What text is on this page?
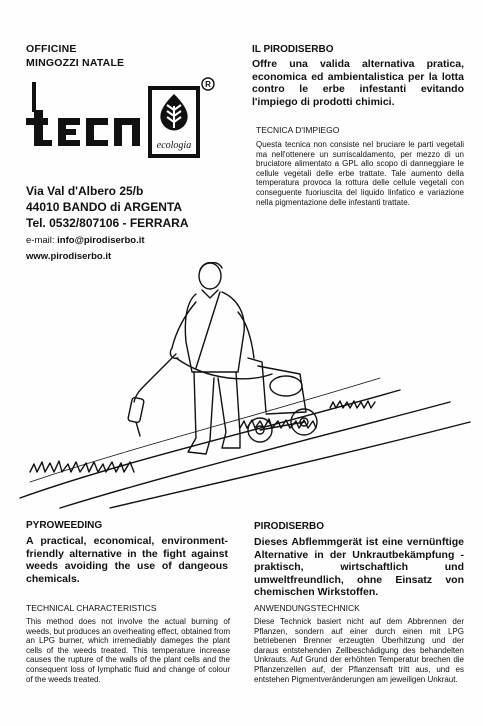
OFFICINE
MINGOZZI NATALE
ecologia
R
Via Val d'Albero 25/b
44010 BANDO di ARGENTA
Tel. 0532/807106 - FERRARA
e-mail: info@pirodiserbo.it
www.pirodiserbo.it
IL PIRODISERBO
Offre una valida alternativa pratica, economica ed ambientalistica per la lotta contro le erbe infestanti evitando l'impiego di prodotti chimici.
TECNICA D'IMPIEGO
Questa tecnica non consiste nel bruciare le parti vegetali ma nell'ottenere un surriscaldamento, per mezzo di un bruciatore alimentato a GPL allo scopo di danneggiare le cellule vegetali delle erbe trattate. Tale aumento della temperatura provoca la rottura delle cellule vegetali con conseguente fuoriuscita del liquido linfatico e variazione nella pigmentazione delle infestanti trattate.
PYROWEEDING
A practical, economical, environment-friendly alternative in the fight against weeds avoiding the use of dangeous chemicals.
TECHNICAL CHARACTERISTICS
This method does not involve the actual burning of weeds, but produces an overheating effect, obtained from an LPG burner, which irremediably dameges the plant cells of the weeds treated. This temperature increase causes the rupture of the walls of the plant cells and the consequent loss of lymphatic fluid and change of colour of the weeds treated.
PIRODISERBO
Dieses Abflemmgerät ist eine vernünftige Alternative in der Unkrautbekämpfung - praktisch, wirtschaftlich und umweltfreundlich, ohne Einsatz von chemischen Wirkstoffen.
ANWENDUNGSTECHNICK
Diese Technick basiert nicht auf dem Abbrennen der Pflanzen, sondern auf einer durch einen mit LPG betriebenen Brenner erzeugten Überhitzung und der daraus entstehenden Zellbeschädigung des behandelten Unkrauts. Auf Grund der erhöhten Temperatur brechen die Pflanzenzellen auf, der Pflanzensaft tritt aus, und es entstehen Pigmentveränderungen am jeweiligen Unkraut.
